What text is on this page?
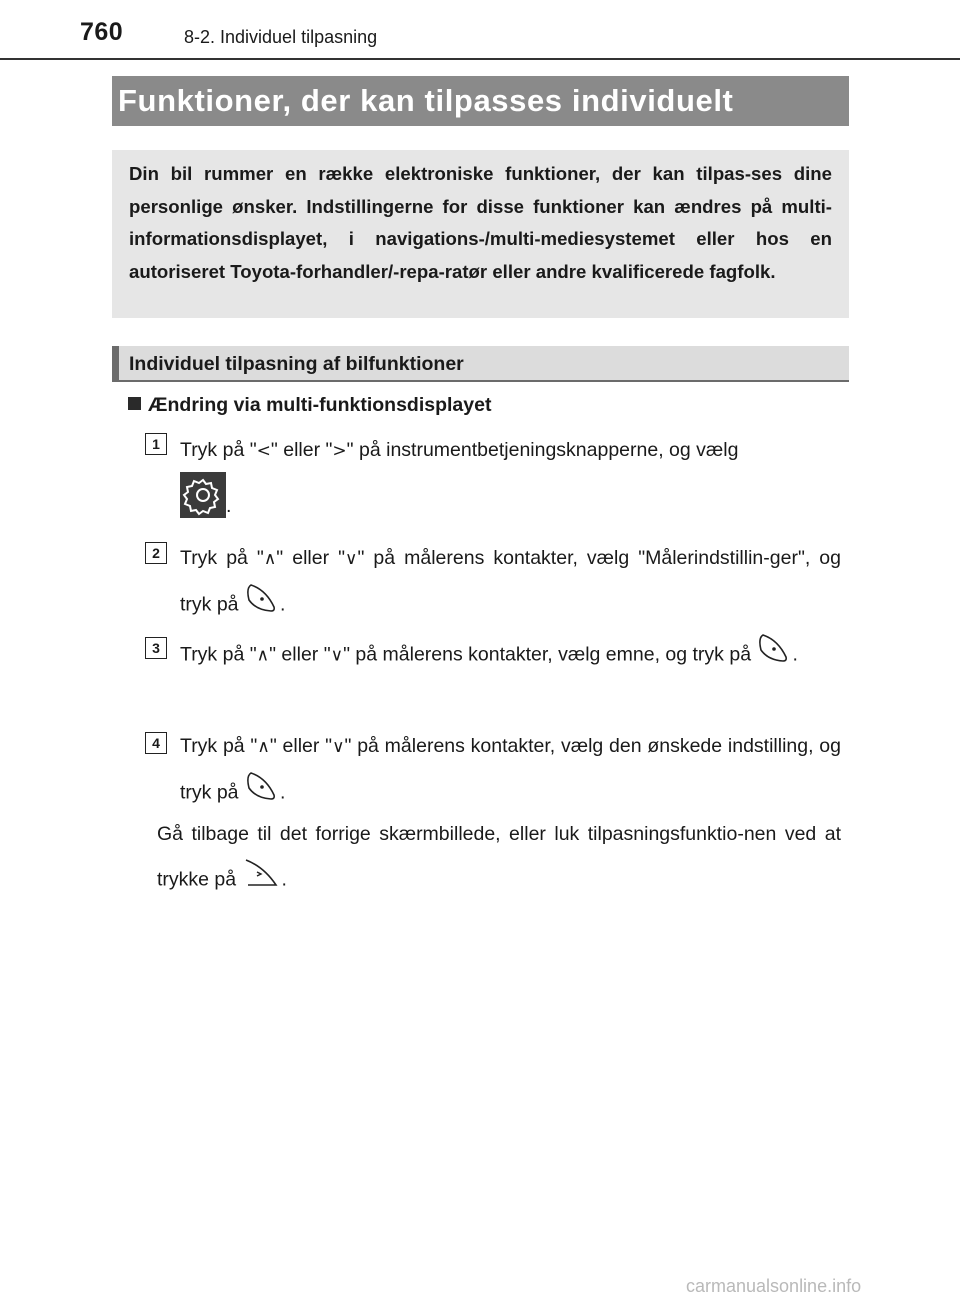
760	8-2. Individuel tilpasning
Funktioner, der kan tilpasses individuelt

Din bil rummer en række elektroniske funktioner, der kan tilpas-ses dine personlige ønsker. Indstillingerne for disse funktioner kan ændres på multi-informationsdisplayet, i navigations-/multi-mediesystemet eller hos en autoriseret Toyota-forhandler/-repa-ratør eller andre kvalificerede fagfolk.

Individuel tilpasning af bilfunktioner
Ændring via multi-funktionsdisplayet
1	Tryk på "<" eller ">" på instrumentbetjeningsknapperne, og vælg
.
2	Tryk på "∧" eller "∨" på målerens kontakter, vælg "Målerindstillin-ger", og tryk på .
3	Tryk på "∧" eller "∨" på målerens kontakter, vælg emne, og tryk på .
4	Tryk på "∧" eller "∨" på målerens kontakter, vælg den ønskede indstilling, og tryk på .
Gå tilbage til det forrige skærmbillede, eller luk tilpasningsfunktio-nen ved at trykke på .
carmanualsonline.info
